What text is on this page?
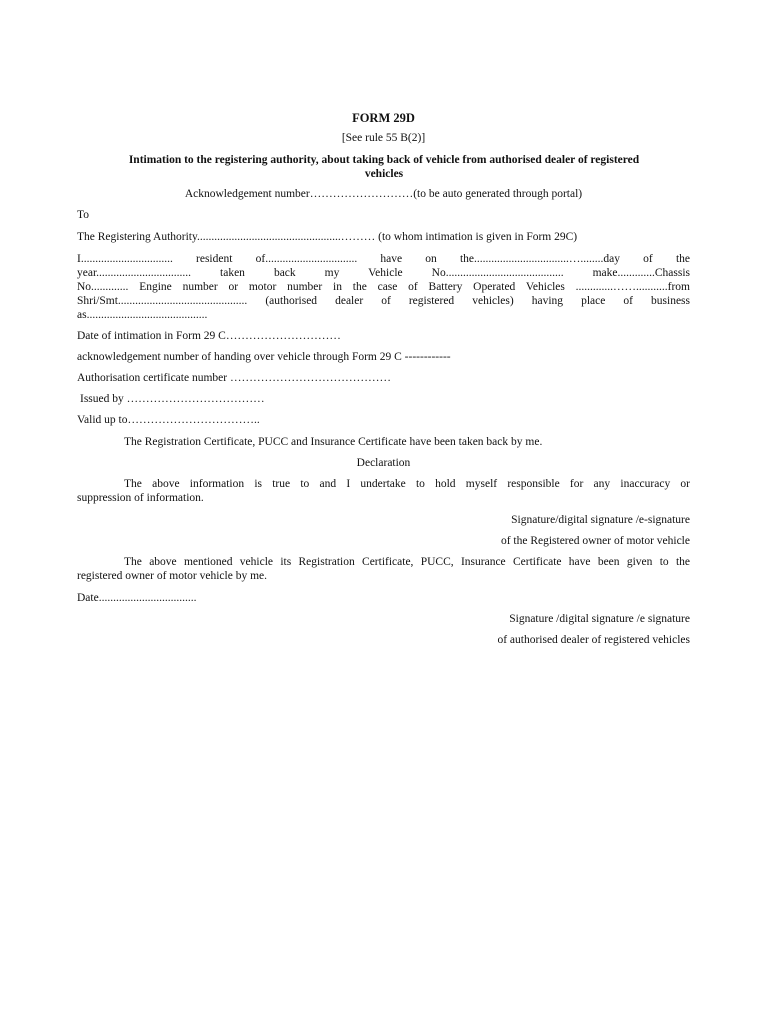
FORM 29D

[See rule 55 B(2)]

Intimation to the registering authority, about taking back of vehicle from authorised dealer of registered
vehicles

Acknowledgement number………………………(to be auto generated through portal)

To

The Registering Authority..................................................……… (to whom intimation is given in Form 29C)

I................................ resident of................................ have on the.................................…........day of the
year................................. taken back my Vehicle No......................................... make.............Chassis
No............. Engine number or motor number in the case of Battery Operated Vehicles .............……...........from
Shri/Smt............................................. (authorised dealer of registered vehicles) having place of business
as..........................................

Date of intimation in Form 29 C…………………………

acknowledgement number of handing over vehicle through Form 29 C ------------

Authorisation certificate number ……………………………………

Issued by ………………………………

Valid up to……………………………..

The Registration Certificate, PUCC and Insurance Certificate have been taken back by me.

Declaration

The above information is true to and I undertake to hold myself responsible for any inaccuracy or
suppression of information.

Signature/digital signature /e-signature

of the Registered owner of motor vehicle

The above mentioned vehicle its Registration Certificate, PUCC, Insurance Certificate have been given to the
registered owner of motor vehicle by me.

Date..................................

Signature /digital signature /e signature

of authorised dealer of registered vehicles
